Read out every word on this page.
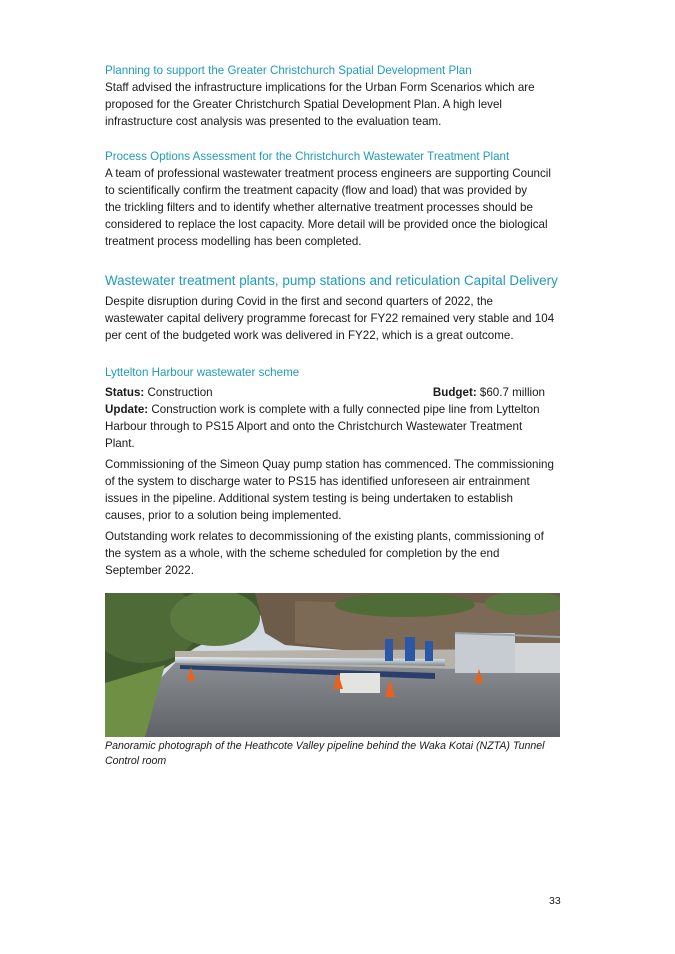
Planning to support the Greater Christchurch Spatial Development Plan

Staff advised the infrastructure implications for the Urban Form Scenarios which are

proposed for the Greater Christchurch Spatial Development Plan. A high level

infrastructure cost analysis was presented to the evaluation team.

Process Options Assessment for the Christchurch Wastewater Treatment Plant

A team of professional wastewater treatment process engineers are supporting Council

to scientifically confirm the treatment capacity (flow and load) that was provided by

the trickling filters and to identify whether alternative treatment processes should be

considered to replace the lost capacity. More detail will be provided once the biological

treatment process modelling has been completed.

Wastewater treatment plants, pump stations and reticulation Capital Delivery

Despite disruption during Covid in the first and second quarters of 2022, the

wastewater capital delivery programme forecast for FY22 remained very stable and 104

per cent of the budgeted work was delivered in FY22, which is a great outcome.

Lyttelton Harbour wastewater scheme

Status: Construction	Budget: $60.7 million

Update: Construction work is complete with a fully connected pipe line from Lyttelton

Harbour through to PS15 Alport and onto the Christchurch Wastewater Treatment

Plant.

Commissioning of the Simeon Quay pump station has commenced. The commissioning

of the system to discharge water to PS15 has identified unforeseen air entrainment

issues in the pipeline. Additional system testing is being undertaken to establish

causes, prior to a solution being implemented.

Outstanding work relates to decommissioning of the existing plants, commissioning of

the system as a whole, with the scheme scheduled for completion by the end

September 2022.

Panoramic photograph of the Heathcote Valley pipeline behind the Waka Kotai (NZTA) Tunnel
Control room
33
